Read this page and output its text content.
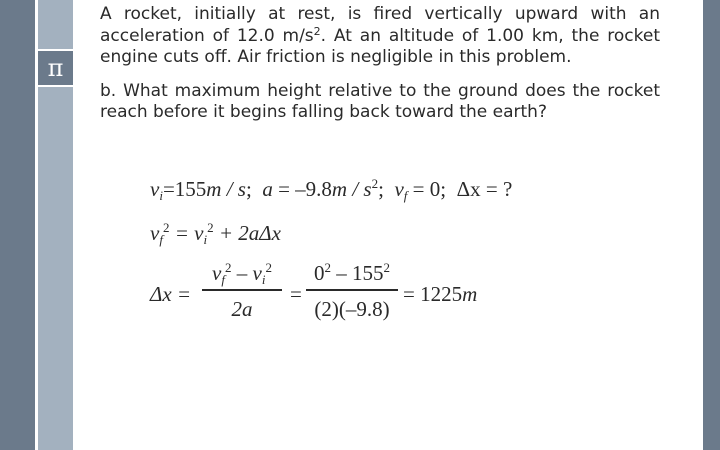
π

A rocket, initially at rest, is fired vertically upward with an acceleration of 12.0 $m/s^2$. At an altitude of 1.00 km, the rocket engine cuts off. Air friction is negligible in this problem.

b. What maximum height relative to the ground does the rocket reach before it begins falling back toward the earth?

$v_i=155m / s$;  $a = -9.8m / s^2$;  $v_f = 0$; Δx = ?
$v_f^2 = v_i^2 + 2a\Delta x$
Δx =
$v_f^2 - v_i^2$
2a
=
$0^2 - 155^2$
(2)(–9.8)
= 1225m
